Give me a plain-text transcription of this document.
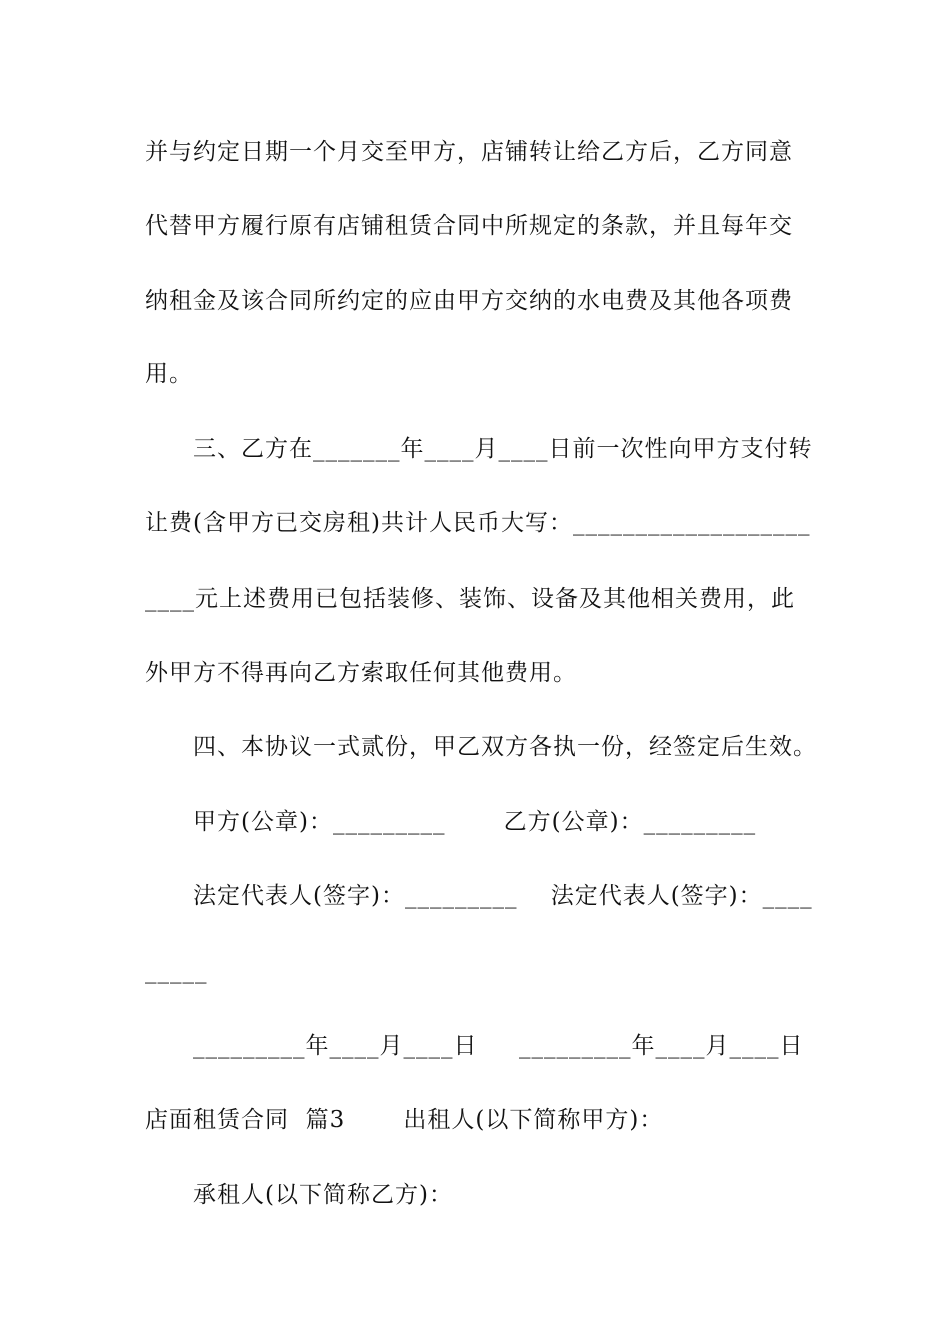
并与约定日期一个月交至甲方，店铺转让给乙方后，乙方同意
代替甲方履行原有店铺租赁合同中所规定的条款，并且每年交
纳租金及该合同所约定的应由甲方交纳的水电费及其他各项费
用。
三、乙方在_______年____月____日前一次性向甲方支付转
让费(含甲方已交房租)共计人民币大写：___________________
____元上述费用已包括装修、装饰、设备及其他相关费用，此
外甲方不得再向乙方索取任何其他费用。
四、本协议一式贰份，甲乙双方各执一份，经签定后生效。
甲方(公章)：_________       乙方(公章)：_________
法定代表人(签字)：_________    法定代表人(签字)：____
_____
_________年____月____日     _________年____月____日
店面租赁合同  篇3       出租人(以下简称甲方)：
承租人(以下简称乙方)：
